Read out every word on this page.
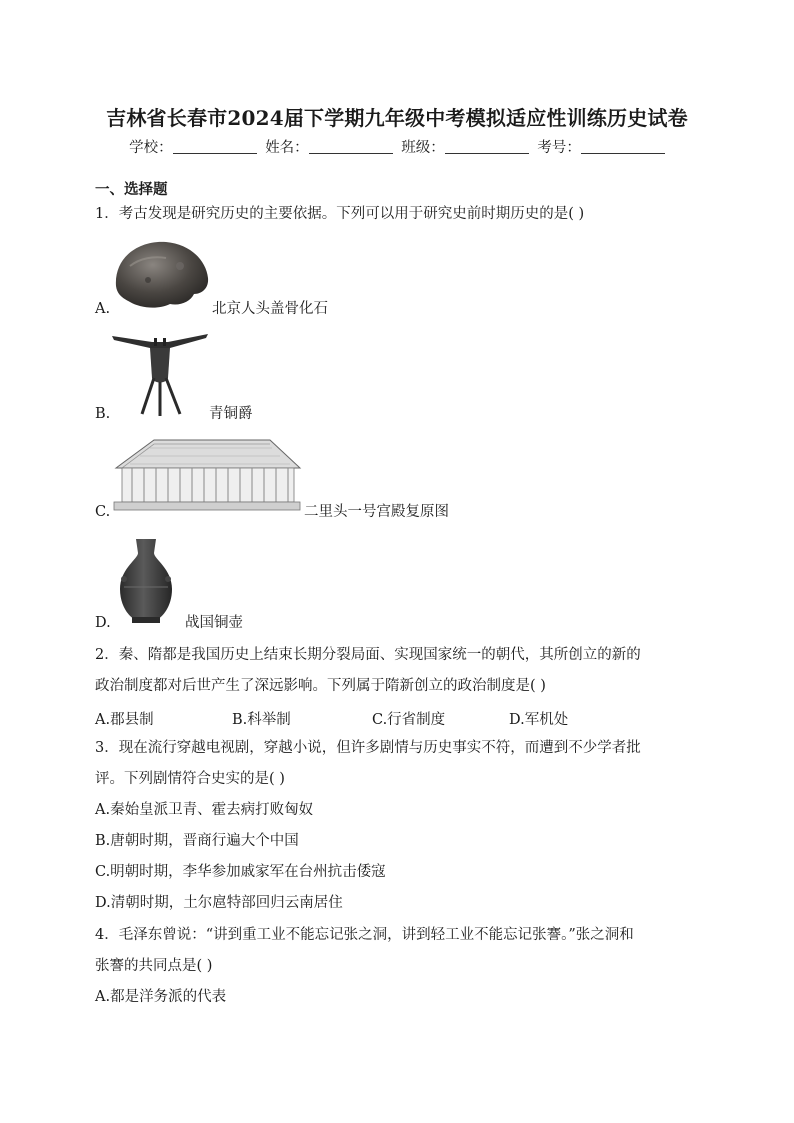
吉林省长春市2024届下学期九年级中考模拟适应性训练历史试卷
学校：	姓名：	班级：	考号：
一、选择题
1．考古发现是研究历史的主要依据。下列可以用于研究史前时期历史的是( )
A.	北京人头盖骨化石
B.	青铜爵
C.	二里头一号宫殿复原图
D.	战国铜壶
2．秦、隋都是我国历史上结束长期分裂局面、实现国家统一的朝代，其所创立的新的
政治制度都对后世产生了深远影响。下列属于隋新创立的政治制度是( )
A.郡县制	B.科举制	C.行省制度	D.军机处
3．现在流行穿越电视剧，穿越小说，但许多剧情与历史事实不符，而遭到不少学者批
评。下列剧情符合史实的是( )
A.秦始皇派卫青、霍去病打败匈奴
B.唐朝时期，晋商行遍大个中国
C.明朝时期，李华参加戚家军在台州抗击倭寇
D.清朝时期，土尔扈特部回归云南居住
4．毛泽东曾说：“讲到重工业不能忘记张之洞，讲到轻工业不能忘记张謇。”张之洞和
张謇的共同点是( )
A.都是洋务派的代表
